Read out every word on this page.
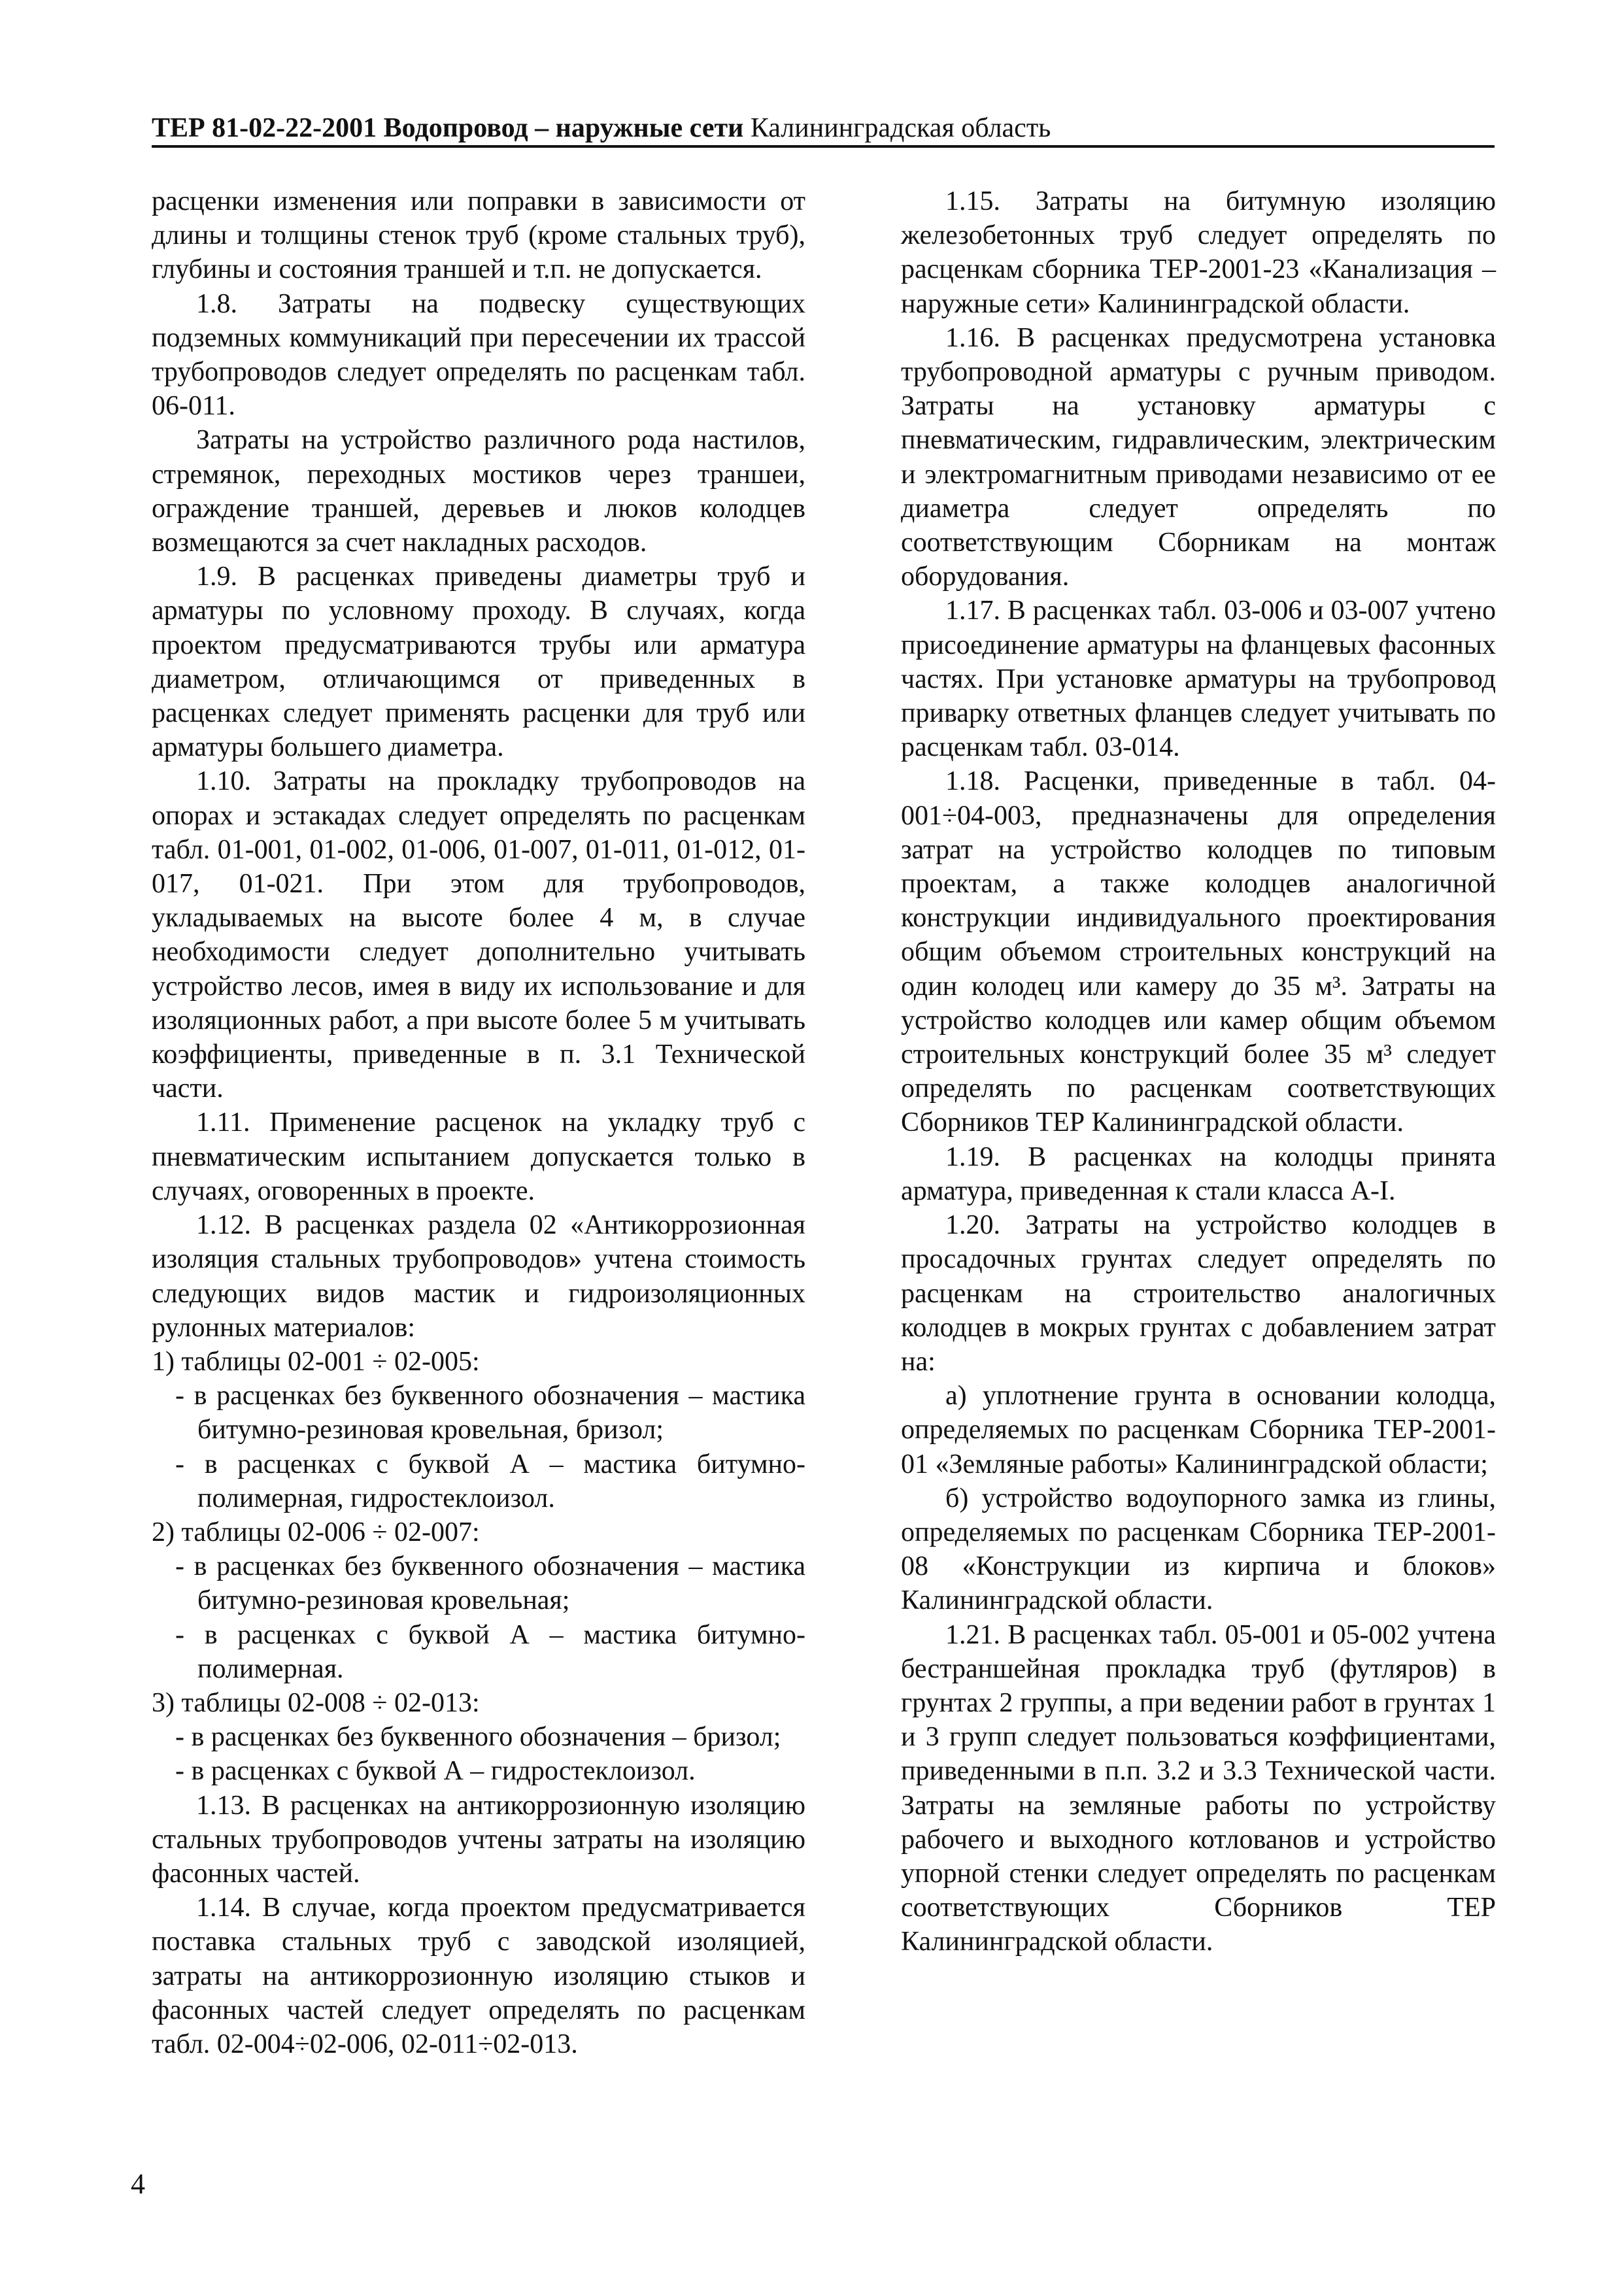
ТЕР 81-02-22-2001 Водопровод – наружные сети Калининградская область

расценки изменения или поправки в зависимости от длины и толщины стенок труб (кроме стальных труб), глубины и состояния траншей и т.п. не допускается.

1.8. Затраты на подвеску существующих подземных коммуникаций при пересечении их трассой трубопроводов следует определять по расценкам табл. 06-011.

Затраты на устройство различного рода настилов, стремянок, переходных мостиков через траншеи, ограждение траншей, деревьев и люков колодцев возмещаются за счет накладных расходов.

1.9. В расценках приведены диаметры труб и арматуры по условному проходу. В случаях, когда проектом предусматриваются трубы или арматура диаметром, отличающимся от приведенных в расценках следует применять расценки для труб или арматуры большего диаметра.

1.10. Затраты на прокладку трубопроводов на опорах и эстакадах следует определять по расценкам табл. 01-001, 01-002, 01-006, 01-007, 01-011, 01-012, 01-017, 01-021. При этом для трубопроводов, укладываемых на высоте более 4 м, в случае необходимости следует дополнительно учитывать устройство лесов, имея в виду их использование и для изоляционных работ, а при высоте более 5 м учитывать коэффициенты, приведенные в п. 3.1 Технической части.

1.11. Применение расценок на укладку труб с пневматическим испытанием допускается только в случаях, оговоренных в проекте.

1.12. В расценках раздела 02 «Антикоррозионная изоляция стальных трубопроводов» учтена стоимость следующих видов мастик и гидроизоляционных рулонных материалов:

1) таблицы 02-001 ÷ 02-005:

- в расценках без буквенного обозначения – мастика битумно-резиновая кровельная, бризол;

- в расценках с буквой А – мастика битумно-полимерная, гидростеклоизол.

2) таблицы 02-006 ÷ 02-007:

- в расценках без буквенного обозначения – мастика битумно-резиновая кровельная;

- в расценках с буквой А – мастика битумно-полимерная.

3) таблицы 02-008 ÷ 02-013:

- в расценках без буквенного обозначения – бризол;

- в расценках с буквой А – гидростеклоизол.

1.13. В расценках на антикоррозионную изоляцию стальных трубопроводов учтены затраты на изоляцию фасонных частей.

1.14. В случае, когда проектом предусматривается поставка стальных труб с заводской изоляцией, затраты на антикоррозионную изоляцию стыков и фасонных частей следует определять по расценкам табл. 02-004÷02-006, 02-011÷02-013.

1.15. Затраты на битумную изоляцию железобетонных труб следует определять по расценкам сборника ТЕР-2001-23 «Канализация – наружные сети» Калининградской области.

1.16. В расценках предусмотрена установка трубопроводной арматуры с ручным приводом. Затраты на установку арматуры с пневматическим, гидравлическим, электрическим и электромагнитным приводами независимо от ее диаметра следует определять по соответствующим Сборникам на монтаж оборудования.

1.17. В расценках табл. 03-006 и 03-007 учтено присоединение арматуры на фланцевых фасонных частях. При установке арматуры на трубопровод приварку ответных фланцев следует учитывать по расценкам табл. 03-014.

1.18. Расценки, приведенные в табл. 04-001÷04-003, предназначены для определения затрат на устройство колодцев по типовым проектам, а также колодцев аналогичной конструкции индивидуального проектирования общим объемом строительных конструкций на один колодец или камеру до 35 м³. Затраты на устройство колодцев или камер общим объемом строительных конструкций более 35 м³ следует определять по расценкам соответствующих Сборников ТЕР Калининградской области.

1.19. В расценках на колодцы принята арматура, приведенная к стали класса А-I.

1.20. Затраты на устройство колодцев в просадочных грунтах следует определять по расценкам на строительство аналогичных колодцев в мокрых грунтах с добавлением затрат на:

а) уплотнение грунта в основании колодца, определяемых по расценкам Сборника ТЕР-2001-01 «Земляные работы» Калининградской области;

б) устройство водоупорного замка из глины, определяемых по расценкам Сборника ТЕР-2001-08 «Конструкции из кирпича и блоков» Калининградской области.

1.21. В расценках табл. 05-001 и 05-002 учтена бестраншейная прокладка труб (футляров) в грунтах 2 группы, а при ведении работ в грунтах 1 и 3 групп следует пользоваться коэффициентами, приведенными в п.п. 3.2 и 3.3 Технической части. Затраты на земляные работы по устройству рабочего и выходного котлованов и устройство упорной стенки следует определять по расценкам соответствующих Сборников ТЕР Калининградской области.

4
